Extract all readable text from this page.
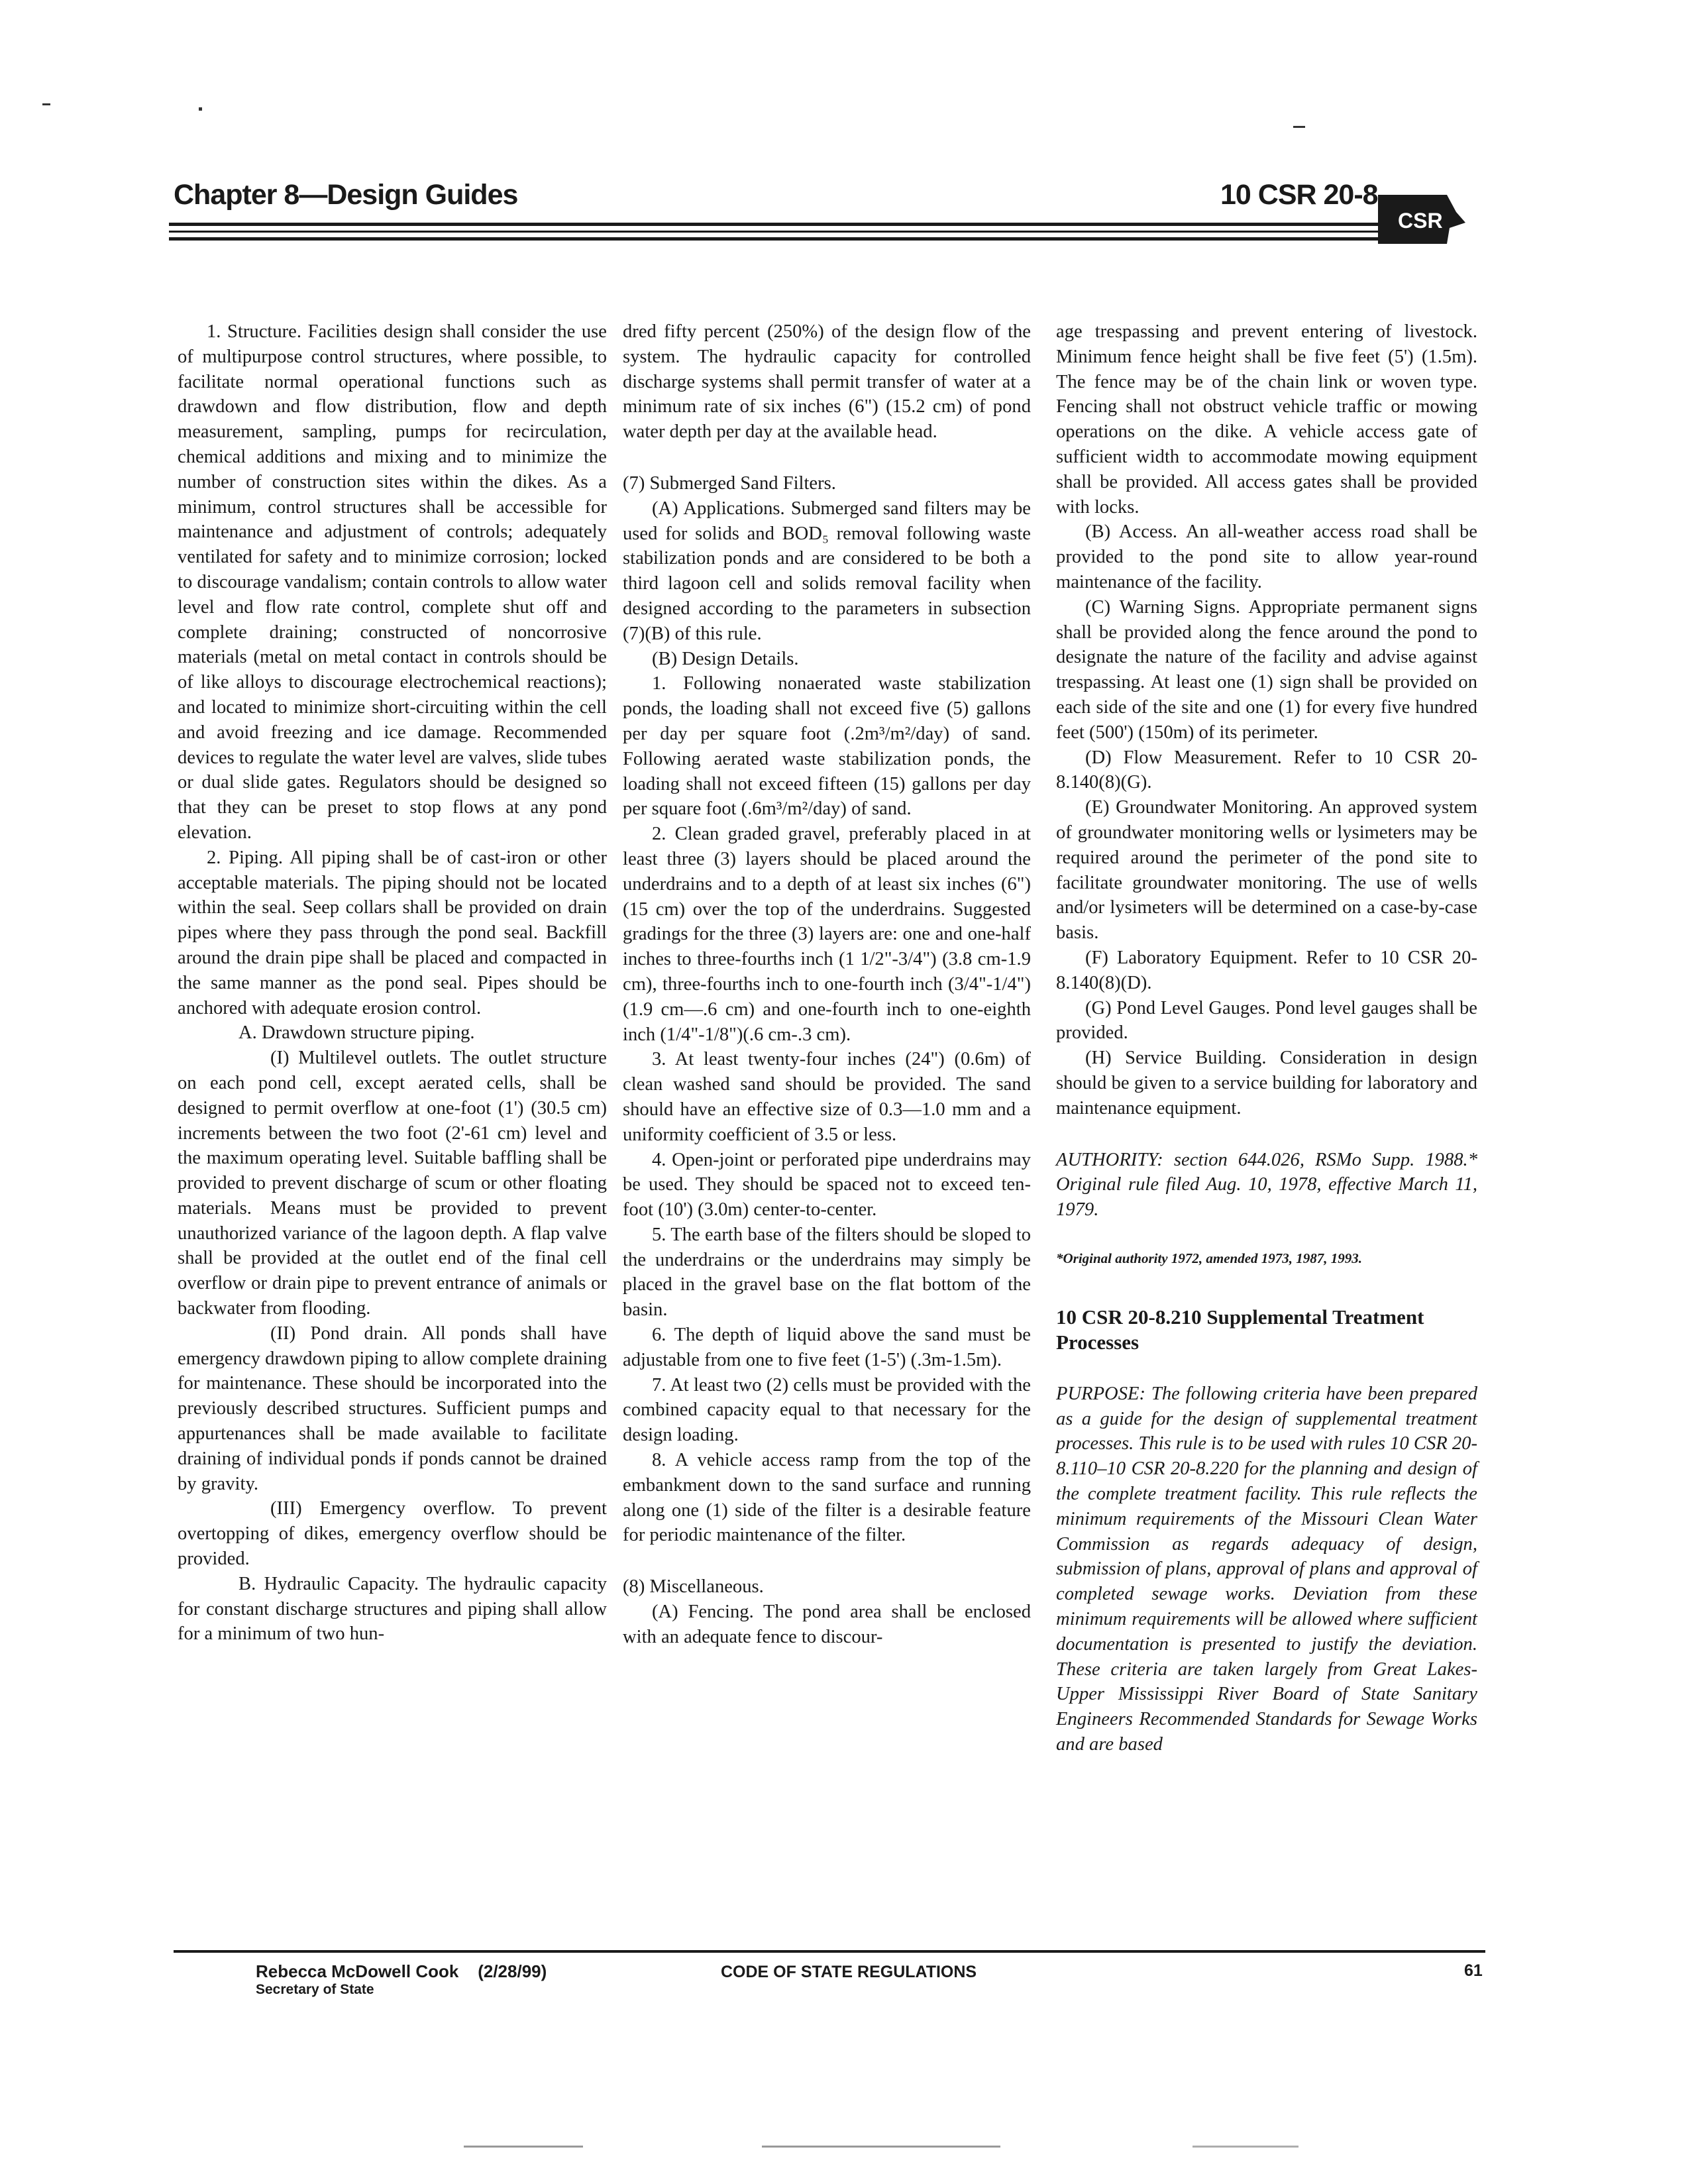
Chapter 8—Design Guides	10 CSR 20-8
CSR

1. Structure. Facilities design shall consider the use of multipurpose control structures, where possible, to facilitate normal operational functions such as drawdown and flow distribution, flow and depth measurement, sampling, pumps for recirculation, chemical additions and mixing and to minimize the number of construction sites within the dikes. As a minimum, control structures shall be accessible for maintenance and adjustment of controls; adequately ventilated for safety and to minimize corrosion; locked to discourage vandalism; contain controls to allow water level and flow rate control, complete shut off and complete draining; constructed of noncorrosive materials (metal on metal contact in controls should be of like alloys to discourage electrochemical reactions); and located to minimize short-circuiting within the cell and avoid freezing and ice damage. Recommended devices to regulate the water level are valves, slide tubes or dual slide gates. Regulators should be designed so that they can be preset to stop flows at any pond elevation.

2. Piping. All piping shall be of cast-iron or other acceptable materials. The piping should not be located within the seal. Seep collars shall be provided on drain pipes where they pass through the pond seal. Backfill around the drain pipe shall be placed and compacted in the same manner as the pond seal. Pipes should be anchored with adequate erosion control.

A. Drawdown structure piping.

(I) Multilevel outlets. The outlet structure on each pond cell, except aerated cells, shall be designed to permit overflow at one-foot (1') (30.5 cm) increments between the two foot (2'-61 cm) level and the maximum operating level. Suitable baffling shall be provided to prevent discharge of scum or other floating materials. Means must be provided to prevent unauthorized variance of the lagoon depth. A flap valve shall be provided at the outlet end of the final cell overflow or drain pipe to prevent entrance of animals or backwater from flooding.

(II) Pond drain. All ponds shall have emergency drawdown piping to allow complete draining for maintenance. These should be incorporated into the previously described structures. Sufficient pumps and appurtenances shall be made available to facilitate draining of individual ponds if ponds cannot be drained by gravity.

(III) Emergency overflow. To prevent overtopping of dikes, emergency overflow should be provided.

B. Hydraulic Capacity. The hydraulic capacity for constant discharge structures and piping shall allow for a minimum of two hun-

dred fifty percent (250%) of the design flow of the system. The hydraulic capacity for controlled discharge systems shall permit transfer of water at a minimum rate of six inches (6") (15.2 cm) of pond water depth per day at the available head.

(7) Submerged Sand Filters.

(A) Applications. Submerged sand filters may be used for solids and BOD₅ removal following waste stabilization ponds and are considered to be both a third lagoon cell and solids removal facility when designed according to the parameters in subsection (7)(B) of this rule.

(B) Design Details.

1. Following nonaerated waste stabilization ponds, the loading shall not exceed five (5) gallons per day per square foot (.2m³/m²/day) of sand. Following aerated waste stabilization ponds, the loading shall not exceed fifteen (15) gallons per day per square foot (.6m³/m²/day) of sand.

2. Clean graded gravel, preferably placed in at least three (3) layers should be placed around the underdrains and to a depth of at least six inches (6") (15 cm) over the top of the underdrains. Suggested gradings for the three (3) layers are: one and one-half inches to three-fourths inch (1 1/2"-3/4") (3.8 cm-1.9 cm), three-fourths inch to one-fourth inch (3/4"-1/4") (1.9 cm—.6 cm) and one-fourth inch to one-eighth inch (1/4"-1/8")(.6 cm-.3 cm).

3. At least twenty-four inches (24") (0.6m) of clean washed sand should be provided. The sand should have an effective size of 0.3—1.0 mm and a uniformity coefficient of 3.5 or less.

4. Open-joint or perforated pipe underdrains may be used. They should be spaced not to exceed ten-foot (10') (3.0m) center-to-center.

5. The earth base of the filters should be sloped to the underdrains or the underdrains may simply be placed in the gravel base on the flat bottom of the basin.

6. The depth of liquid above the sand must be adjustable from one to five feet (1-5') (.3m-1.5m).

7. At least two (2) cells must be provided with the combined capacity equal to that necessary for the design loading.

8. A vehicle access ramp from the top of the embankment down to the sand surface and running along one (1) side of the filter is a desirable feature for periodic maintenance of the filter.

(8) Miscellaneous.

(A) Fencing. The pond area shall be enclosed with an adequate fence to discour-

age trespassing and prevent entering of livestock. Minimum fence height shall be five feet (5') (1.5m). The fence may be of the chain link or woven type. Fencing shall not obstruct vehicle traffic or mowing operations on the dike. A vehicle access gate of sufficient width to accommodate mowing equipment shall be provided. All access gates shall be provided with locks.

(B) Access. An all-weather access road shall be provided to the pond site to allow year-round maintenance of the facility.

(C) Warning Signs. Appropriate permanent signs shall be provided along the fence around the pond to designate the nature of the facility and advise against trespassing. At least one (1) sign shall be provided on each side of the site and one (1) for every five hundred feet (500') (150m) of its perimeter.

(D) Flow Measurement. Refer to 10 CSR 20-8.140(8)(G).

(E) Groundwater Monitoring. An approved system of groundwater monitoring wells or lysimeters may be required around the perimeter of the pond site to facilitate groundwater monitoring. The use of wells and/or lysimeters will be determined on a case-by-case basis.

(F) Laboratory Equipment. Refer to 10 CSR 20-8.140(8)(D).

(G) Pond Level Gauges. Pond level gauges shall be provided.

(H) Service Building. Consideration in design should be given to a service building for laboratory and maintenance equipment.

AUTHORITY: section 644.026, RSMo Supp. 1988.* Original rule filed Aug. 10, 1978, effective March 11, 1979.

*Original authority 1972, amended 1973, 1987, 1993.

10 CSR 20-8.210 Supplemental Treatment Processes

PURPOSE: The following criteria have been prepared as a guide for the design of supplemental treatment processes. This rule is to be used with rules 10 CSR 20-8.110–10 CSR 20-8.220 for the planning and design of the complete treatment facility. This rule reflects the minimum requirements of the Missouri Clean Water Commission as regards adequacy of design, submission of plans, approval of plans and approval of completed sewage works. Deviation from these minimum requirements will be allowed where sufficient documentation is presented to justify the deviation. These criteria are taken largely from Great Lakes-Upper Mississippi River Board of State Sanitary Engineers Recommended Standards for Sewage Works and are based

Rebecca McDowell Cook    (2/28/99)
Secretary of State
CODE OF STATE REGULATIONS	61
